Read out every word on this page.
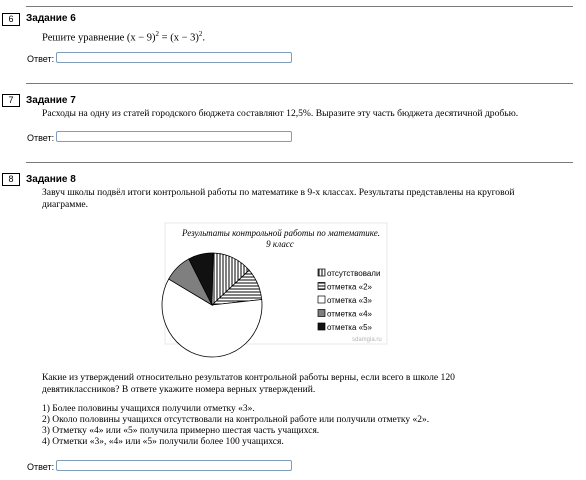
6	Задание 6
Решите уравнение $(x - 9)^2 = (x - 3)^2$.
Ответ:
7	Задание 7
Расходы на одну из статей городского бюджета составляют 12,5%. Выразите эту часть бюджета десятичной дробью.
Ответ:
8	Задание 8
Завуч школы подвёл итоги контрольной работы по математике в 9-х классах. Результаты представлены на круговой
диаграмме.
Результаты контрольной работы по математике.
9 класс
отсутствовали
отметка «2»
отметка «3»
отметка «4»
отметка «5»
sdamgia.ru
Какие из утверждений относительно результатов контрольной работы верны, если всего в школе 120
девятиклассников? В ответе укажите номера верных утверждений.
1) Более половины учащихся получили отметку «3».
2) Около половины учащихся отсутствовали на контрольной работе или получили отметку «2».
3) Отметку «4» или «5» получила примерно шестая часть учащихся.
4) Отметки «3», «4» или «5» получили более 100 учащихся.
Ответ:
